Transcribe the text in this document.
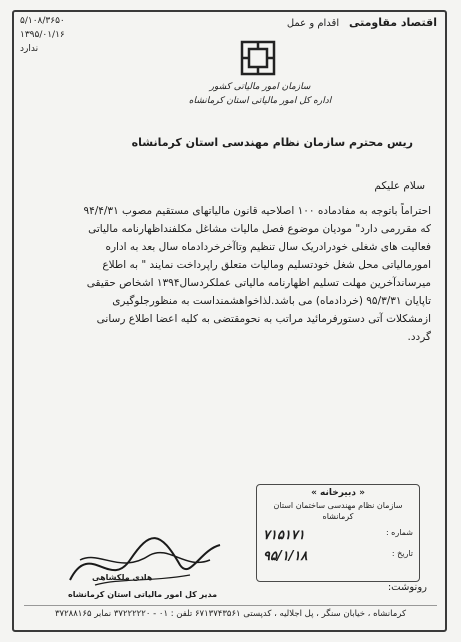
اقتصاد مقاومتی اقدام و عمل
۵/۱۰۸/۳۶۵۰
۱۳۹۵/۰۱/۱۶
ندارد
سازمان امور مالیاتی کشور
اداره کل امور مالیاتی استان کرمانشاه
ریس محترم سازمان نظام مهندسی استان کرمانشاه
سلام علیکم

احتراماً باتوجه به مفادماده ۱۰۰ اصلاحیه قانون مالیاتهای مستقیم مصوب ۹۴/۴/۳۱

که مقررمی دارد" مودیان موضوع فصل مالیات مشاغل مکلفنداظهارنامه مالیاتی

فعالیت های شغلی خودرادریک سال تنظیم وتاآخرخردادماه سال بعد به اداره

امورمالیاتی محل شغل خودتسلیم ومالیات متعلق راپرداخت نمایند " به اطلاع

میرساندآخرین مهلت تسلیم اظهارنامه مالیاتی عملکردسال۱۳۹۴ اشخاص حقیقی

تاپایان ۹۵/۳/۳۱ (خردادماه) می باشد.لذاخواهشمنداست به منظورجلوگیری

ازمشکلات آتی دستورفرمائید مراتب به نحومقتضی به کلیه اعضا اطلاع رسانی

گردد.

« دبیرخانه »
سازمان نظام مهندسی ساختمان استان کرمانشاه
شماره :
۷۱۵۱۷۱
تاریخ :
۹۵/۱/۱۸
هادی ملکشاهی
مدیر کل امور مالیاتی استان کرمانشاه
رونوشت:
کرمانشاه ، خیابان سنگر ، پل اجلالیه ، کدپستی ۶۷۱۳۷۴۳۵۶۱ تلفن : ۰۱ - ۳۷۲۲۲۲۲۰ نمابر ۳۷۲۸۸۱۶۵
